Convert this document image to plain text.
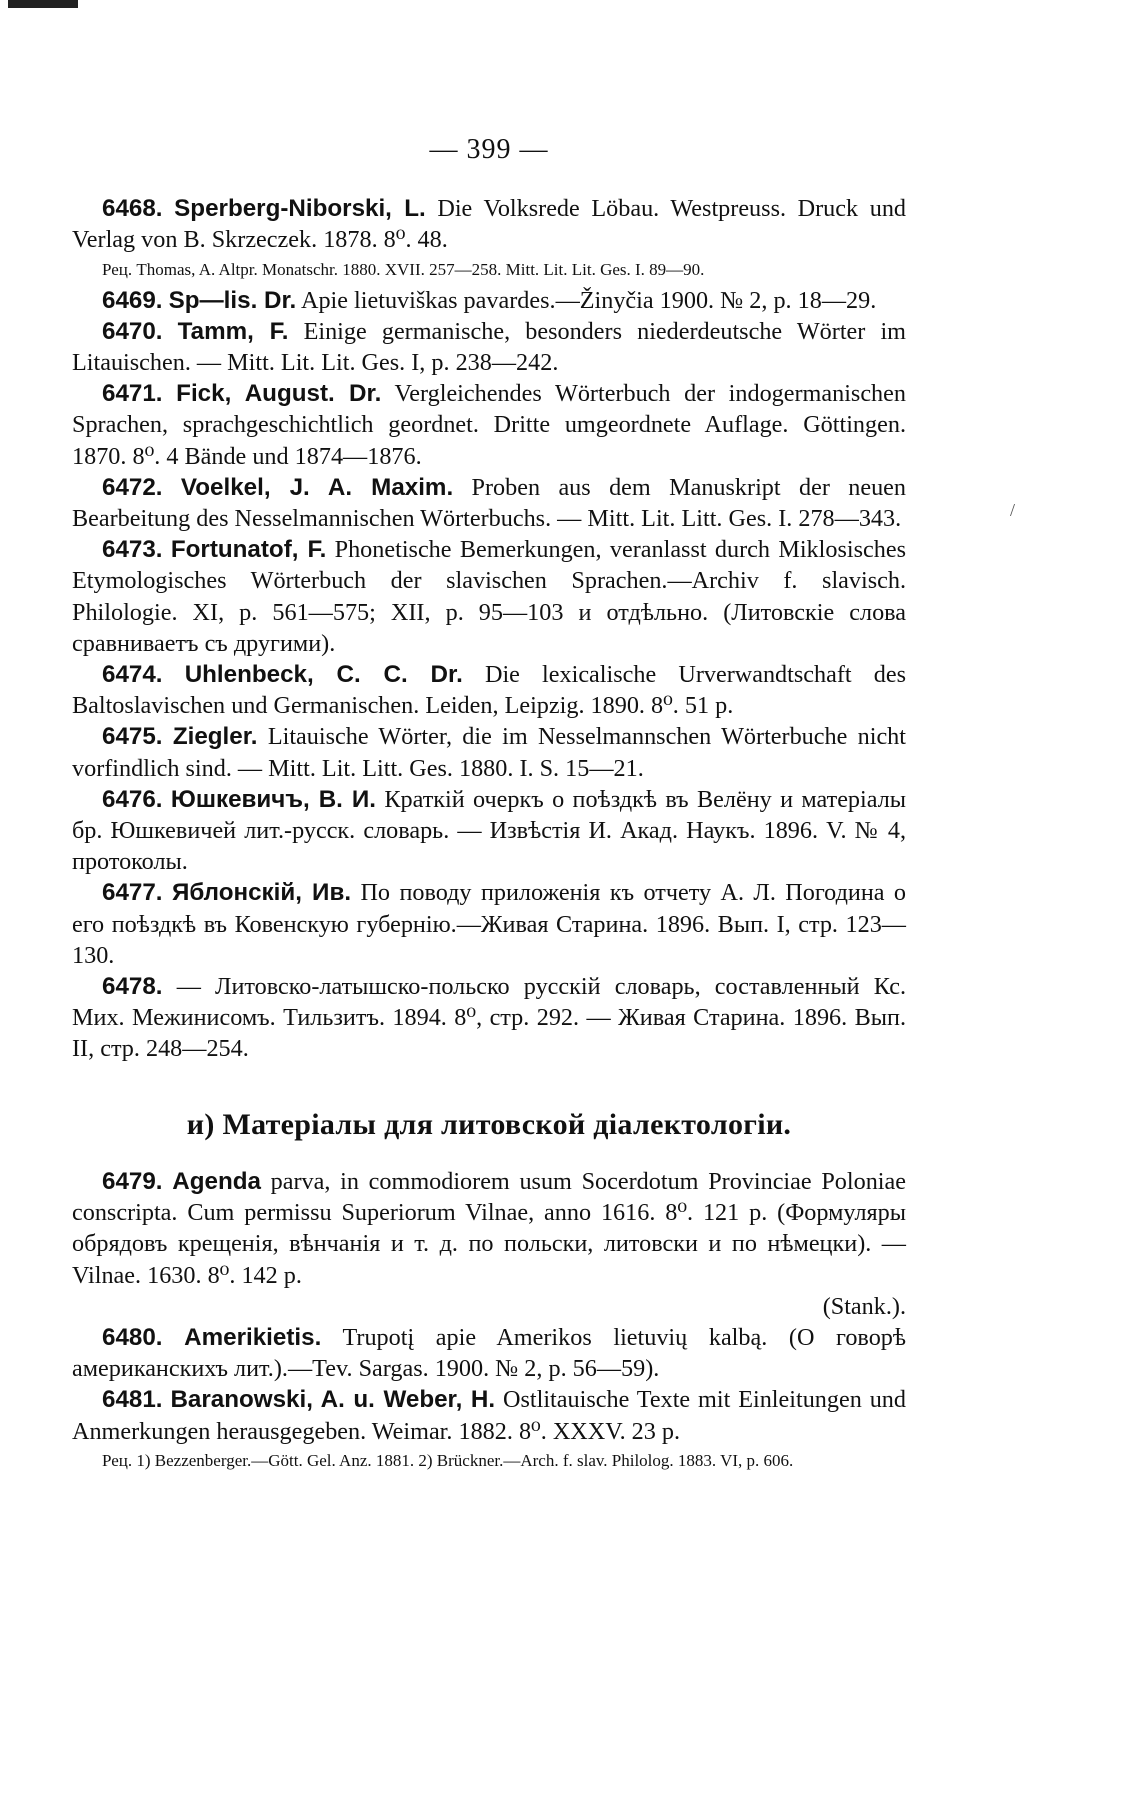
/
— 399 —

6468. Sperberg-Niborski, L. Die Volksrede Löbau. Westpreuss. Druck und Verlag von B. Skrzeczek. 1878. 8⁰. 48.

Рец. Thomas, A. Altpr. Monatschr. 1880. XVII. 257—258. Mitt. Lit. Lit. Ges. I. 89—90.

6469. Sp—lis. Dr. Apie lietuviškas pavardes.—Žinyčia 1900. № 2, p. 18—29.

6470. Tamm, F. Einige germanische, besonders niederdeutsche Wörter im Litauischen. — Mitt. Lit. Lit. Ges. I, p. 238—242.

6471. Fick, August. Dr. Vergleichendes Wörterbuch der indogermanischen Sprachen, sprachgeschichtlich geordnet. Dritte umgeordnete Auflage. Göttingen. 1870. 8⁰. 4 Bände und 1874—1876.

6472. Voelkel, J. A. Maxim. Proben aus dem Manuskript der neuen Bearbeitung des Nesselmannischen Wörterbuchs. — Mitt. Lit. Litt. Ges. I. 278—343.

6473. Fortunatof, F. Phonetische Bemerkungen, veranlasst durch Miklosisches Etymologisches Wörterbuch der slavischen Sprachen.—Archiv f. slavisch. Philologie. XI, p. 561—575; XII, p. 95—103 и отдѣльно. (Литовскіе слова сравниваетъ съ другими).

6474. Uhlenbeck, C. C. Dr. Die lexicalische Urverwandtschaft des Baltoslavischen und Germanischen. Leiden, Leipzig. 1890. 8⁰. 51 p.

6475. Ziegler. Litauische Wörter, die im Nesselmannschen Wörterbuche nicht vorfindlich sind. — Mitt. Lit. Litt. Ges. 1880. I. S. 15—21.

6476. Юшкевичъ, В. И. Краткій очеркъ о поѣздкѣ въ Велёну и матеріалы бр. Юшкевичей лит.-русск. словарь. — Извѣстія И. Акад. Наукъ. 1896. V. № 4, протоколы.

6477. Яблонскій, Ив. По поводу приложенія къ отчету А. Л. Погодина о его поѣздкѣ въ Ковенскую губернію.—Живая Старина. 1896. Вып. I, стр. 123—130.

6478. — Литовско-латышско-польско русскій словарь, составленный Кс. Мих. Межинисомъ. Тильзитъ. 1894. 8⁰, стр. 292. — Живая Старина. 1896. Вып. II, стр. 248—254.

и) Матеріалы для литовской діалектологіи.

6479. Agenda parva, in commodiorem usum Socerdotum Provinciae Poloniae conscripta. Cum permissu Superiorum Vilnae, anno 1616. 8⁰. 121 p. (Формуляры обрядовъ крещенія, вѣнчанія и т. д. по польски, литовски и по нѣмецки). — Vilnae. 1630. 8⁰. 142 p.

(Stank.).

6480. Amerikietis. Trupotį apie Amerikos lietuvių kalbą. (О говорѣ американскихъ лит.).—Tev. Sargas. 1900. № 2, p. 56—59).

6481. Baranowski, A. u. Weber, H. Ostlitauische Texte mit Einleitungen und Anmerkungen herausgegeben. Weimar. 1882. 8⁰. XXXV. 23 p.

Рец. 1) Bezzenberger.—Gött. Gel. Anz. 1881. 2) Brückner.—Arch. f. slav. Philolog. 1883. VI, p. 606.
